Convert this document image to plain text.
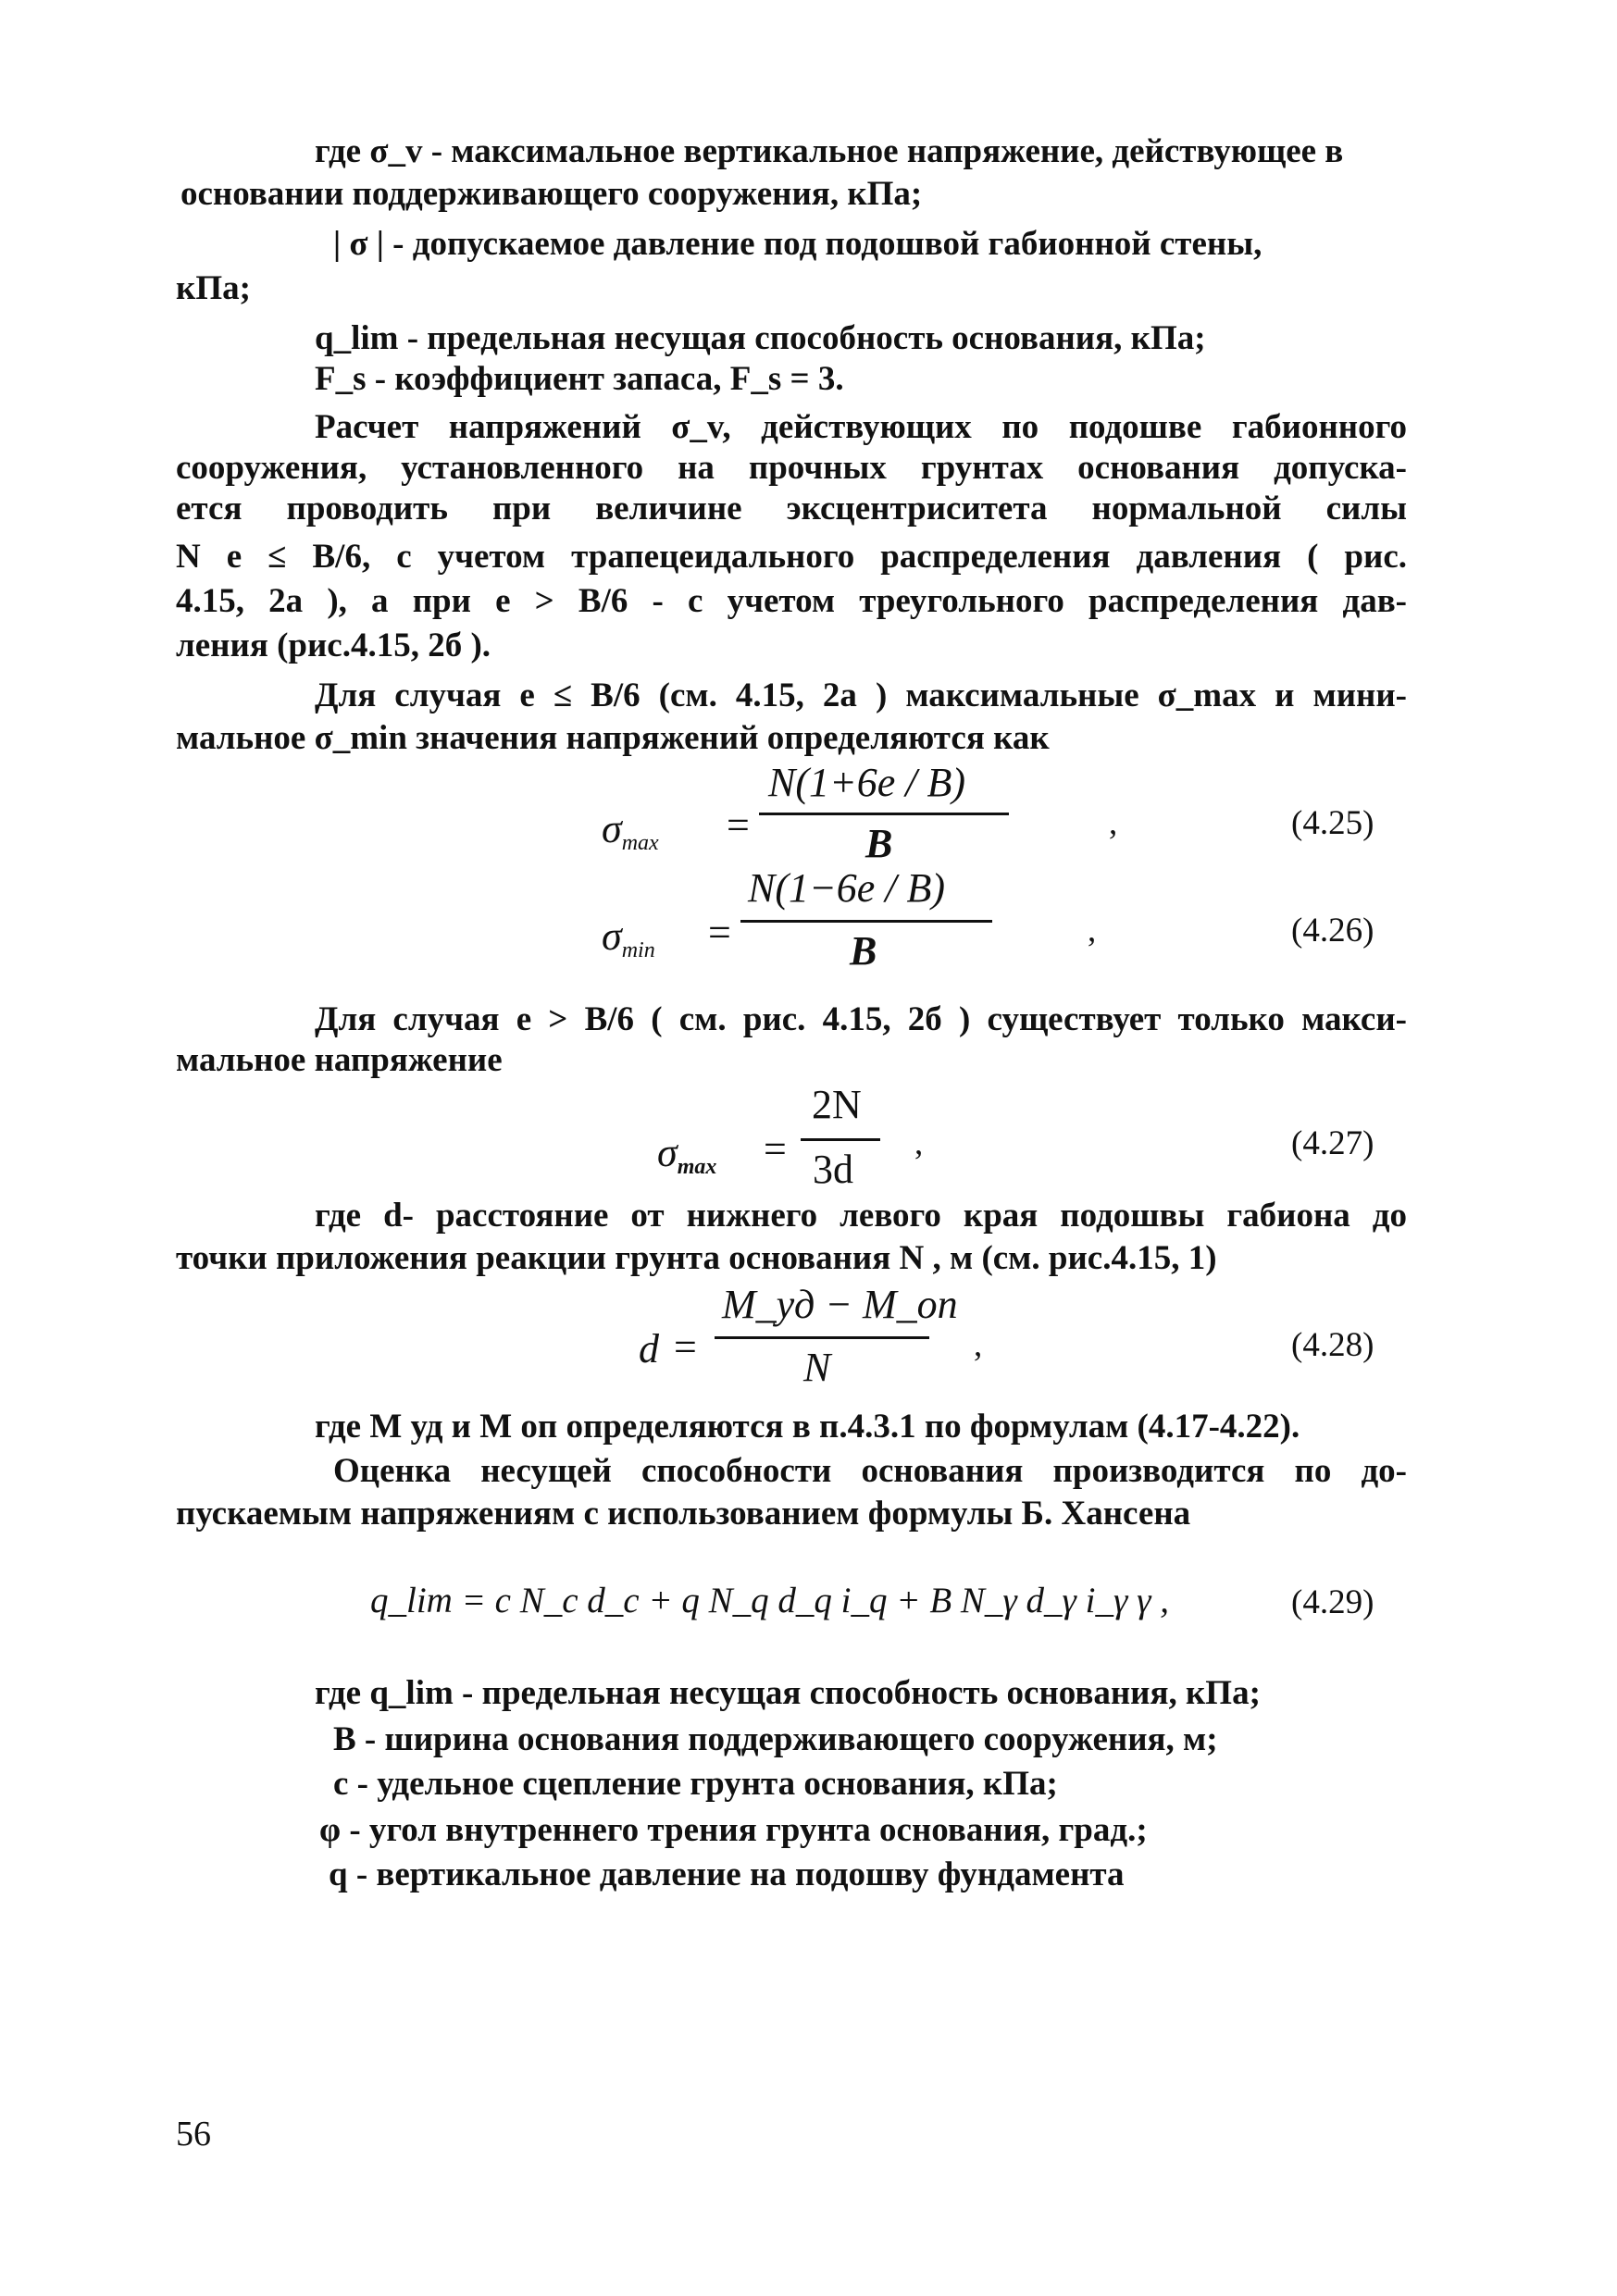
где σ_v - максимальное вертикальное напряжение, действующее в
основании поддерживающего сооружения, кПа;
| σ | - допускаемое давление под подошвой габионной стены,
кПа;
q_lim - предельная несущая способность основания, кПа;
F_s - коэффициент запаса, F_s = 3.
Расчет напряжений σ_v, действующих по подошве габионного
сооружения, установленного на прочных грунтах основания допуска-
ется проводить при величине эксцентриситета нормальной силы
N e ≤ B/6, с учетом трапецеидального распределения давления ( рис.
4.15, 2а ), а при e > B/6 - с учетом треугольного распределения дав-
ления (рис.4.15, 2б ).
Для случая e ≤ B/6 (см. 4.15, 2а ) максимальные σ_max и мини-
мальное σ_min значения напряжений определяются как
σmax =
N(1+6e / B)
B	,	(4.25)
σmin =
N(1−6e / B)
B	,	(4.26)
Для случая e > B/6 ( см. рис. 4.15, 2б ) существует только макси-
мальное напряжение
σmax =
2N
3d
,	(4.27)
где d- расстояние от нижнего левого края подошвы габиона до
точки приложения реакции грунта основания N , м (см. рис.4.15, 1)
d =
M_уд − M_оп
N	,	(4.28)
где M уд и M оп определяются в п.4.3.1 по формулам (4.17-4.22).
Оценка несущей способности основания производится по до-
пускаемым напряжениям с использованием формулы Б. Хансена
q_lim = c N_c d_c + q N_q d_q i_q + B N_γ d_γ i_γ γ ,	(4.29)
где q_lim - предельная несущая способность основания, кПа;
B - ширина основания поддерживающего сооружения, м;
c - удельное сцепление грунта основания, кПа;
φ - угол внутреннего трения грунта основания, град.;
q - вертикальное давление на подошву фундамента
56
